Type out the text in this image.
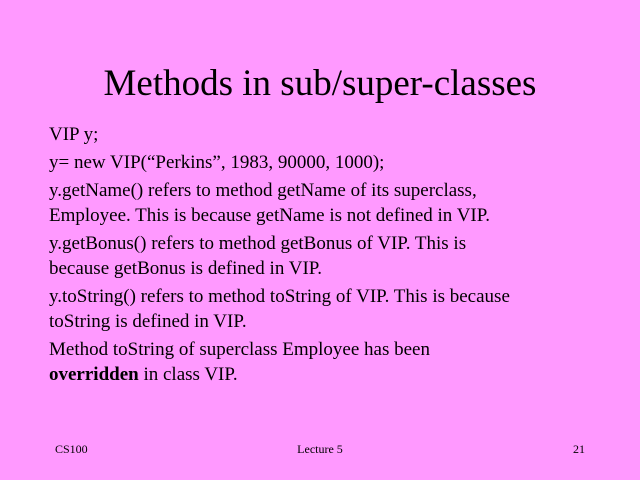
Methods in sub/super-classes

VIP y;

y= new VIP(“Perkins”, 1983, 90000, 1000);

y.getName() refers to method getName of its superclass,
Employee. This is because getName is not defined in VIP.

y.getBonus() refers to method getBonus of VIP. This is
because getBonus is defined in VIP.

y.toString() refers to method toString of VIP. This is because
toString is defined in VIP.

Method toString of superclass Employee has been
overridden in class VIP.

CS100	Lecture 5	21
